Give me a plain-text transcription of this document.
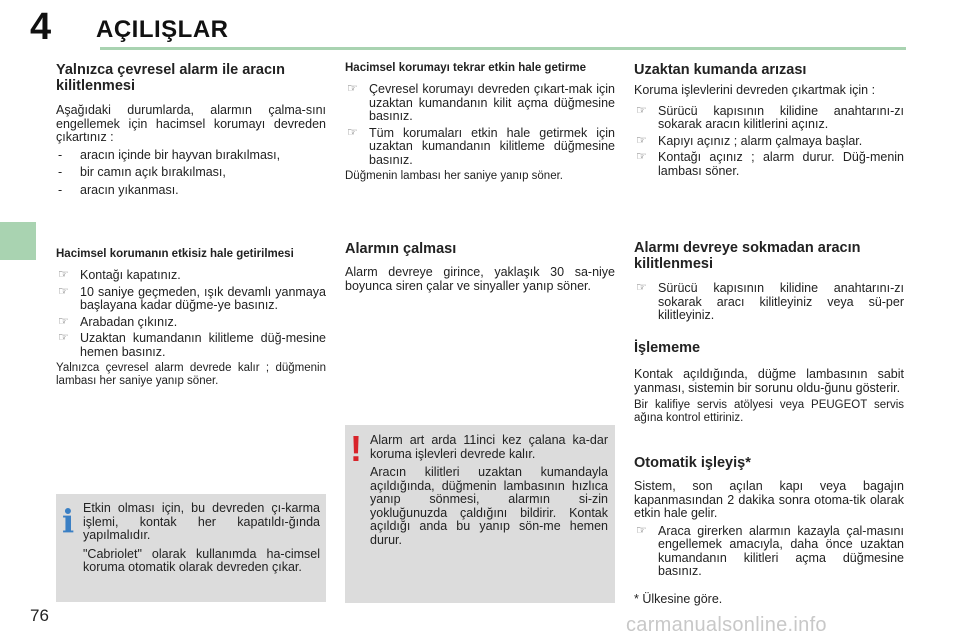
4 AÇILIŞLAR
Yalnızca çevresel alarm ile aracın kilitlenmesi

Aşağıdaki durumlarda, alarmın çalma-sını engellemek için hacimsel korumayı devreden çıkartınız :

- aracın içinde bir hayvan bırakılması,
- bir camın açık bırakılması,
- aracın yıkanması.
Hacimsel korumanın etkisiz hale getirilmesi
☞ Kontağı kapatınız.
☞ 10 saniye geçmeden, ışık devamlı yanmaya başlayana kadar düğme-ye basınız.
☞ Arabadan çıkınız.
☞ Uzaktan kumandanın kilitleme düğ-mesine hemen basınız.

Yalnızca çevresel alarm devrede kalır ; düğmenin lambası her saniye yanıp söner.

i Etkin olması için, bu devreden çı-karma işlemi, kontak her kapatıldı-ğında yapılmalıdır.

"Cabriolet" olarak kullanımda ha-cimsel koruma otomatik olarak devreden çıkar.

Hacimsel korumayı tekrar etkin hale getirme
☞ Çevresel korumayı devreden çıkart-mak için uzaktan kumandanın kilit açma düğmesine basınız.
☞ Tüm korumaları etkin hale getirmek için uzaktan kumandanın kilitleme düğmesine basınız.

Düğmenin lambası her saniye yanıp söner.

Alarmın çalması

Alarm devreye girince, yaklaşık 30 sa-niye boyunca siren çalar ve sinyaller yanıp söner.

! Alarm art arda 11inci kez çalana ka-dar koruma işlevleri devrede kalır.

Aracın kilitleri uzaktan kumandayla açıldığında, düğmenin lambasının hızlıca yanıp sönmesi, alarmın si-zin yokluğunuzda çaldığını bildirir. Kontak açıldığı anda bu yanıp sön-me hemen durur.

Uzaktan kumanda arızası

Koruma işlevlerini devreden çıkartmak için :

☞ Sürücü kapısının kilidine anahtarını-zı sokarak aracın kilitlerini açınız.
☞ Kapıyı açınız ; alarm çalmaya başlar.
☞ Kontağı açınız ; alarm durur. Düğ-menin lambası söner.
Alarmı devreye sokmadan aracın kilitlenmesi
☞ Sürücü kapısının kilidine anahtarını-zı sokarak aracı kilitleyiniz veya sü-per kilitleyiniz.
İşlememe

Kontak açıldığında, düğme lambasının sabit yanması, sistemin bir sorunu oldu-ğunu gösterir.

Bir kalifiye servis atölyesi veya PEUGEOT servis ağına kontrol ettiriniz.

Otomatik işleyiş*

Sistem, son açılan kapı veya bagajın kapanmasından 2 dakika sonra otoma-tik olarak etkin hale gelir.

☞ Araca girerken alarmın kazayla çal-masını engellemek amacıyla, daha önce uzaktan kumandanın kilitleri açma düğmesine basınız.
* Ülkesine göre.
76	carmanualsonline.info
